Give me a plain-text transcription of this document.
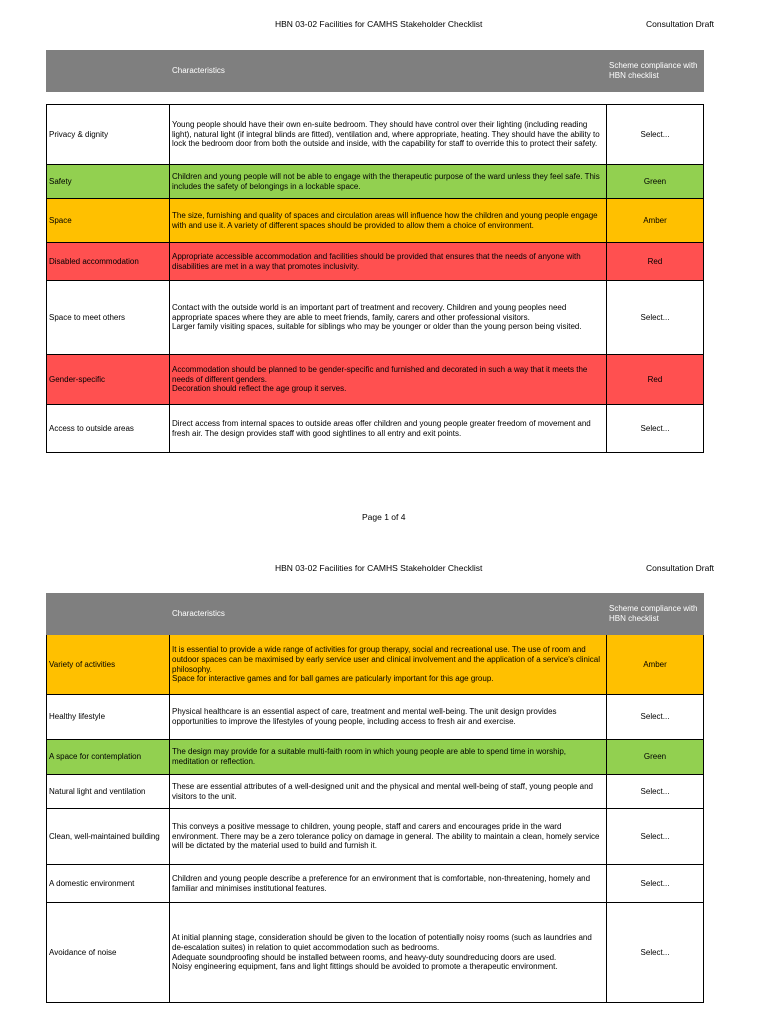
HBN 03-02 Facilities for CAMHS Stakeholder Checklist	Consultation Draft
	Characteristics	Scheme compliance with HBN checklist

Privacy & dignity	Young people should have their own en-suite bedroom. They should have control over their lighting (including reading light), natural light (if integral blinds are fitted), ventilation and, where appropriate, heating. They should have the ability to lock the bedroom door from both the outside and inside, with the capability for staff to override this to protect their safety.	Select...
Safety	Children and young people will not be able to engage with the therapeutic purpose of the ward unless they feel safe. This includes the safety of belongings in a lockable space.	Green
Space	The size, furnishing and quality of spaces and circulation areas will influence how the children and young people engage with and use it. A variety of different spaces should be provided to allow them a choice of environment.	Amber
Disabled accommodation	Appropriate accessible accommodation and facilities should be provided that ensures that the needs of anyone with disabilities are met in a way that promotes inclusivity.	Red
Space to meet others	Contact with the outside world is an important part of treatment and recovery. Children and young peoples need appropriate spaces where they are able to meet friends, family, carers and other professional visitors.
Larger family visiting spaces, suitable for siblings who may be younger or older than the young person being visited.	Select...
Gender-specific	Accommodation should be planned to be gender-specific and furnished and decorated in such a way that it meets the needs of different genders.
Decoration should reflect the age group it serves.	Red
Access to outside areas	Direct access from internal spaces to outside areas offer children and young people greater freedom of movement and fresh air. The design provides staff with good sightlines to all entry and exit points.	Select...
Page 1 of 4
HBN 03-02 Facilities for CAMHS Stakeholder Checklist	Consultation Draft
	Characteristics	Scheme compliance with HBN checklist
Variety of activities	It is essential to provide a wide range of activities for group therapy, social and recreational use. The use of room and outdoor spaces can be maximised by early service user and clinical involvement and the application of a service's clinical philosophy.
Space for interactive games and for ball games are paticularly important for this age group.	Amber
Healthy lifestyle	Physical healthcare is an essential aspect of care, treatment and mental well-being. The unit design provides opportunities to improve the lifestyles of young people, including access to fresh air and exercise.	Select...
A space for contemplation	The design may provide for a suitable multi-faith room in which young people are able to spend time in worship, meditation or reflection.	Green
Natural light and ventilation	These are essential attributes of a well-designed unit and the physical and mental well-being of staff, young people and visitors to the unit.	Select...
Clean, well-maintained building	This conveys a positive message to children, young people, staff and carers and encourages pride in the ward environment. There may be a zero tolerance policy on damage in general. The ability to maintain a clean, homely service will be dictated by the material used to build and furnish it.	Select...
A domestic environment	Children and young people describe a preference for an environment that is comfortable, non-threatening, homely and familiar and minimises institutional features.	Select...
Avoidance of noise	At initial planning stage, consideration should be given to the location of potentially noisy rooms (such as laundries and de-escalation suites) in relation to quiet accommodation such as bedrooms.
Adequate soundproofing should be installed between rooms, and heavy-duty soundreducing doors are used.
Noisy engineering equipment, fans and light fittings should be avoided to promote a therapeutic environment.	Select...
